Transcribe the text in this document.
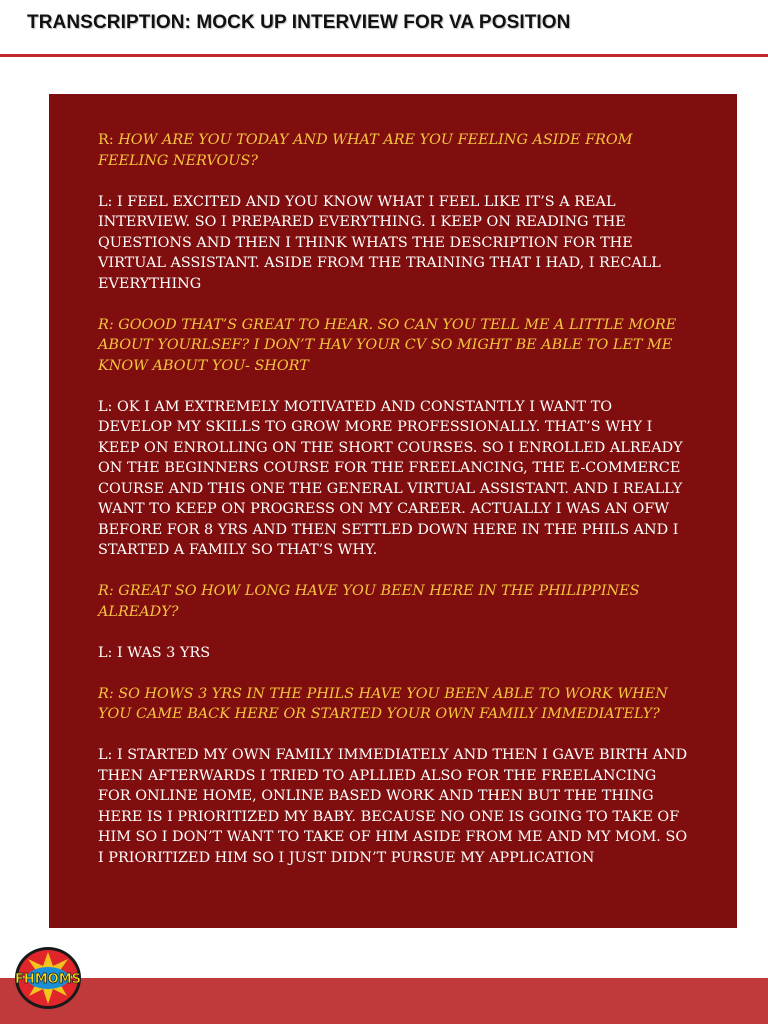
TRANSCRIPTION: MOCK UP INTERVIEW FOR VA POSITION

R: HOW ARE YOU TODAY AND WHAT ARE YOU FEELING ASIDE FROM FEELING NERVOUS?

L: I FEEL EXCITED AND YOU KNOW WHAT I FEEL LIKE IT’S A REAL INTERVIEW. SO I PREPARED EVERYTHING. I KEEP ON READING THE QUESTIONS AND THEN I THINK WHATS THE DESCRIPTION FOR THE VIRTUAL ASSISTANT. ASIDE FROM THE TRAINING THAT I HAD, I RECALL EVERYTHING

R: GOOOD THAT’S GREAT TO HEAR. SO CAN YOU TELL ME A LITTLE MORE ABOUT YOURLSEF? I DON’T HAV YOUR CV SO MIGHT BE ABLE TO LET ME KNOW ABOUT YOU- SHORT

L: OK I AM EXTREMELY MOTIVATED AND CONSTANTLY I WANT TO DEVELOP MY SKILLS TO GROW MORE PROFESSIONALLY. THAT’S WHY I KEEP ON ENROLLING ON THE SHORT COURSES. SO I ENROLLED ALREADY ON THE BEGINNERS COURSE FOR THE FREELANCING, THE E-COMMERCE COURSE AND THIS ONE THE GENERAL VIRTUAL ASSISTANT. AND I REALLY WANT TO KEEP ON PROGRESS ON MY CAREER. ACTUALLY I WAS AN OFW BEFORE FOR 8 YRS AND THEN SETTLED DOWN HERE IN THE PHILS AND I STARTED A FAMILY SO THAT’S WHY.

R: GREAT SO HOW LONG HAVE YOU BEEN HERE IN THE PHILIPPINES ALREADY?

L: I WAS 3 YRS

R: SO HOWS 3 YRS IN THE PHILS HAVE YOU BEEN ABLE TO WORK WHEN YOU CAME BACK HERE OR STARTED YOUR OWN FAMILY IMMEDIATELY?

L: I STARTED MY OWN FAMILY IMMEDIATELY AND THEN I GAVE BIRTH AND THEN AFTERWARDS I TRIED TO APLLIED ALSO FOR THE FREELANCING FOR ONLINE HOME, ONLINE BASED WORK AND THEN BUT THE THING HERE IS I PRIORITIZED MY BABY. BECAUSE NO ONE IS GOING TO TAKE OF HIM SO I DON’T WANT TO TAKE OF HIM ASIDE FROM ME AND MY MOM. SO I PRIORITIZED HIM SO I JUST DIDN’T PURSUE MY APPLICATION

FHMOMS
